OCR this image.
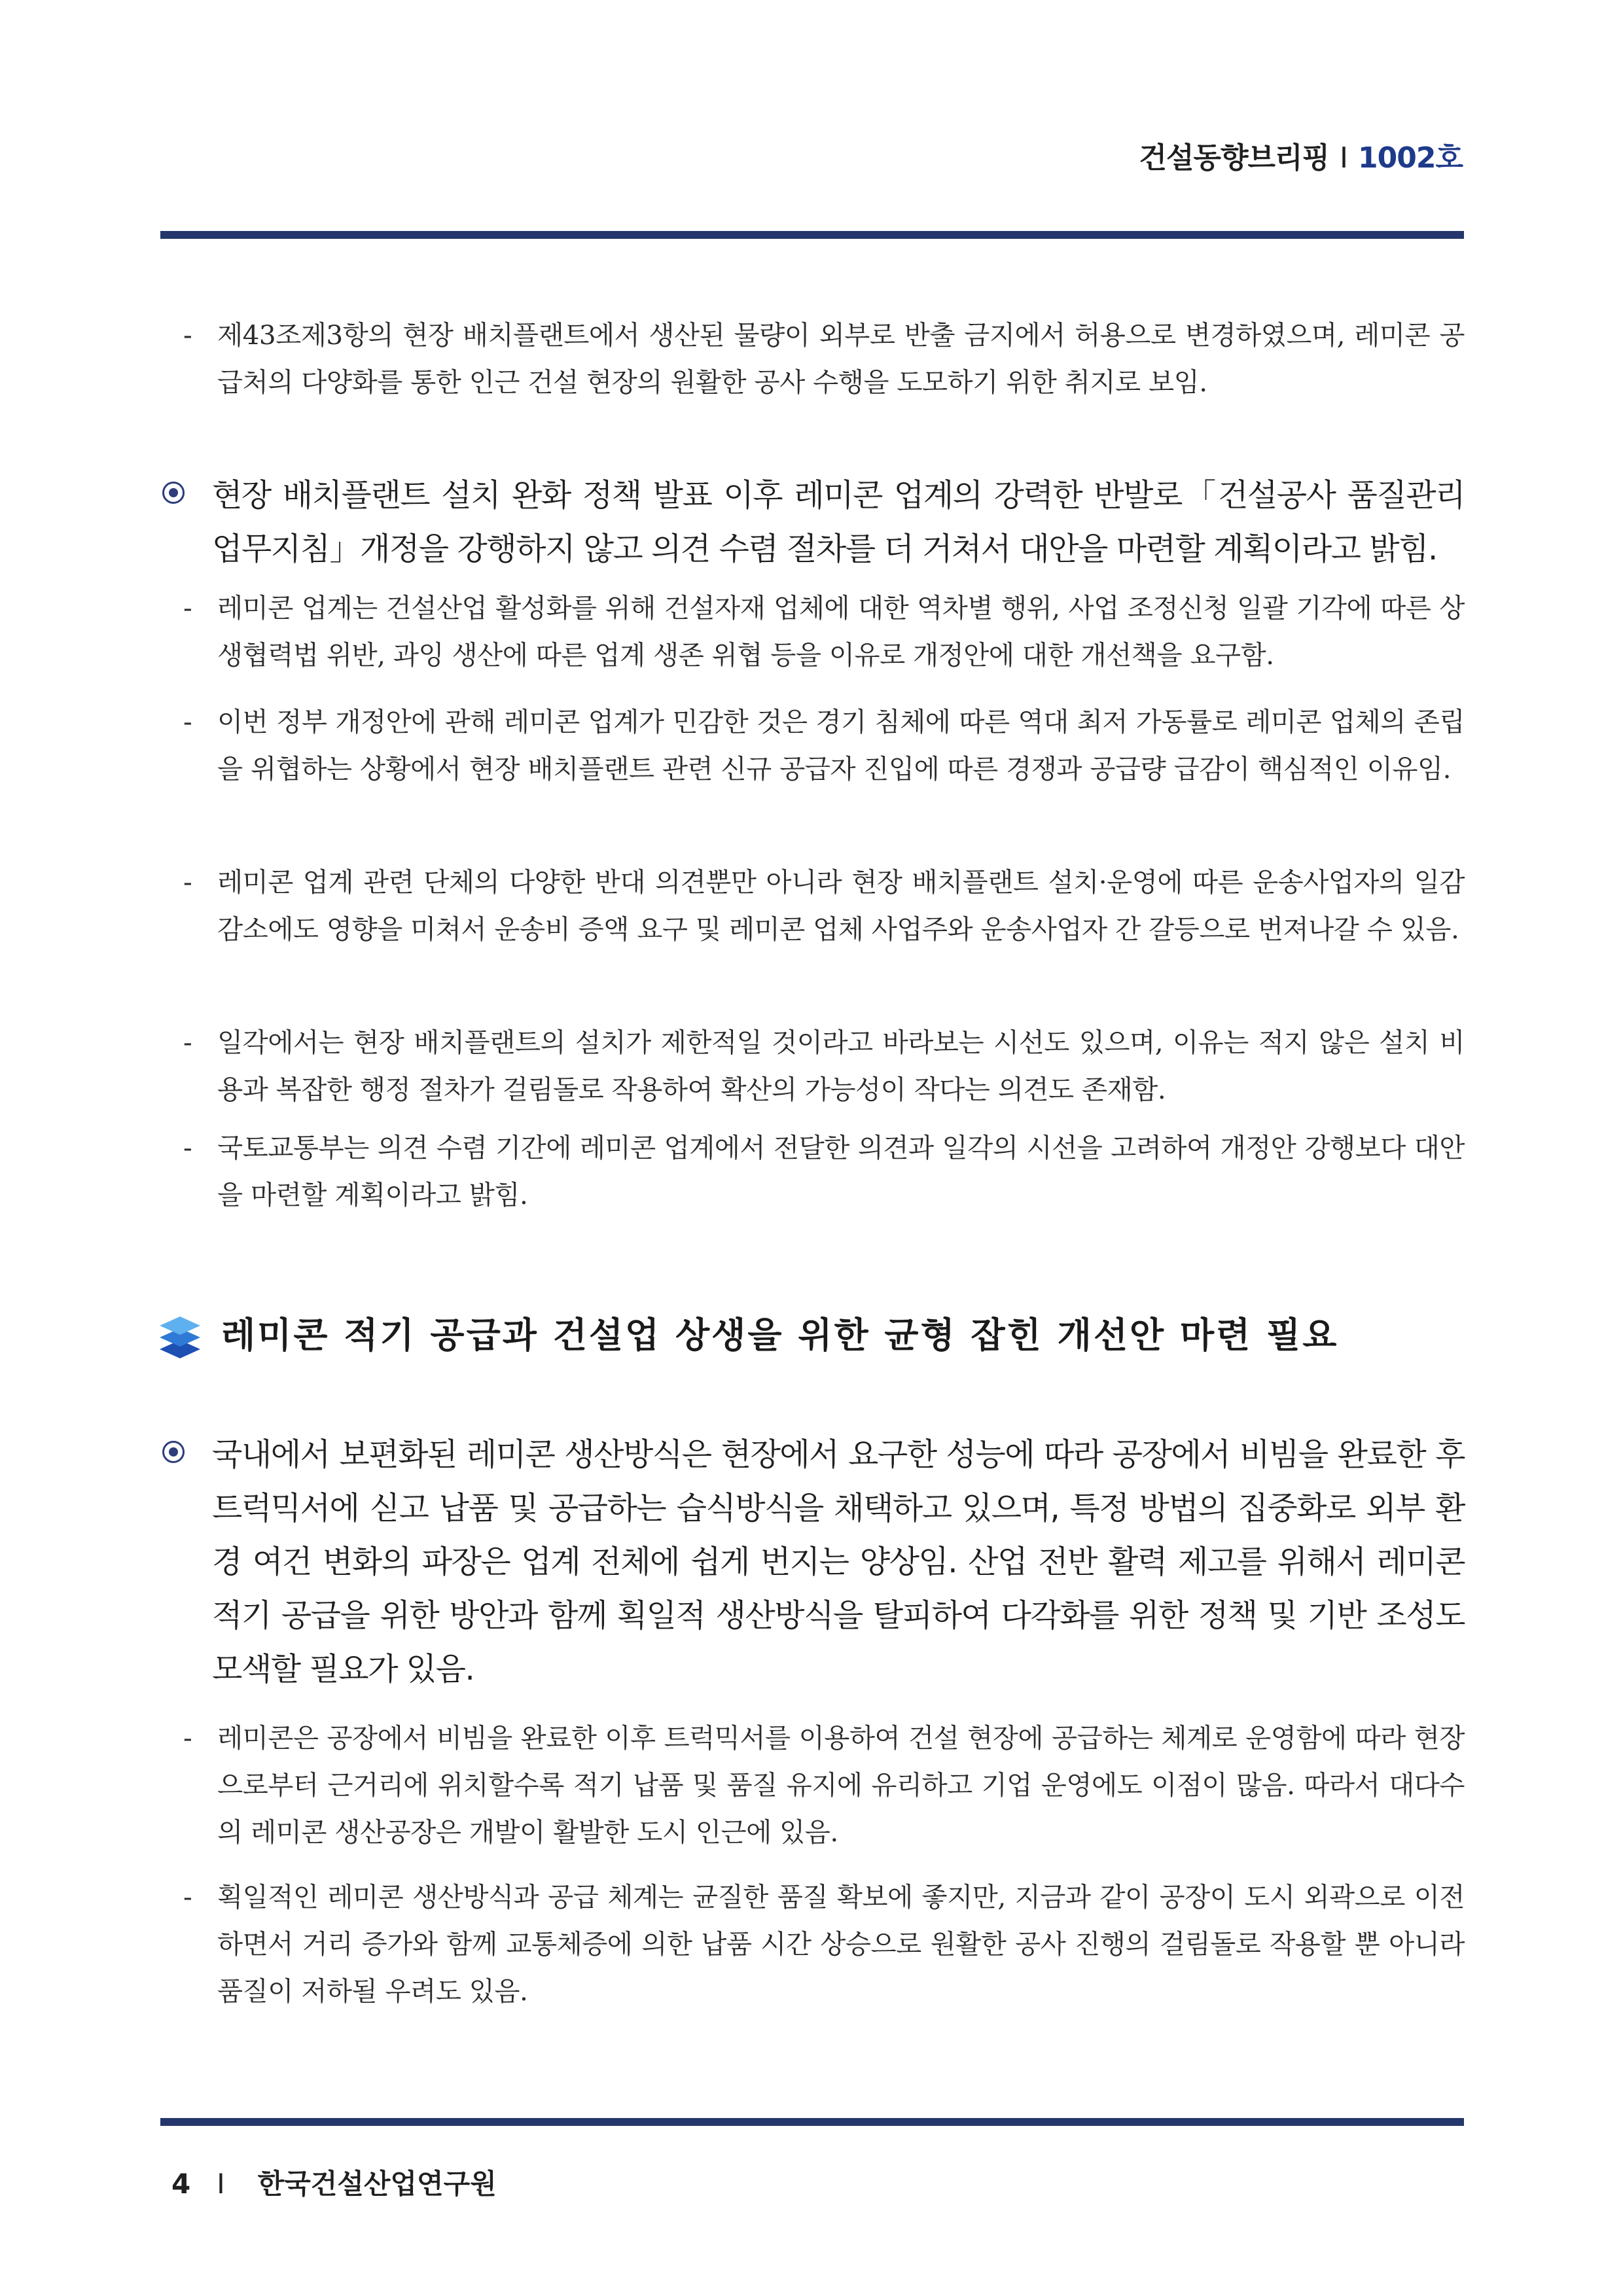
건설동향브리핑 I 1002호
- 제43조제3항의 현장 배치플랜트에서 생산된 물량이 외부로 반출 금지에서 허용으로 변경하였으며, 레미콘 공급처의 다양화를 통한 인근 건설 현장의 원활한 공사 수행을 도모하기 위한 취지로 보임.
현장 배치플랜트 설치 완화 정책 발표 이후 레미콘 업계의 강력한 반발로「건설공사 품질관리 업무지침」개정을 강행하지 않고 의견 수렴 절차를 더 거쳐서 대안을 마련할 계획이라고 밝힘.
- 레미콘 업계는 건설산업 활성화를 위해 건설자재 업체에 대한 역차별 행위, 사업 조정신청 일괄 기각에 따른 상생협력법 위반, 과잉 생산에 따른 업계 생존 위협 등을 이유로 개정안에 대한 개선책을 요구함.
- 이번 정부 개정안에 관해 레미콘 업계가 민감한 것은 경기 침체에 따른 역대 최저 가동률로 레미콘 업체의 존립을 위협하는 상황에서 현장 배치플랜트 관련 신규 공급자 진입에 따른 경쟁과 공급량 급감이 핵심적인 이유임.
- 레미콘 업계 관련 단체의 다양한 반대 의견뿐만 아니라 현장 배치플랜트 설치·운영에 따른 운송사업자의 일감 감소에도 영향을 미쳐서 운송비 증액 요구 및 레미콘 업체 사업주와 운송사업자 간 갈등으로 번져나갈 수 있음.
- 일각에서는 현장 배치플랜트의 설치가 제한적일 것이라고 바라보는 시선도 있으며, 이유는 적지 않은 설치 비용과 복잡한 행정 절차가 걸림돌로 작용하여 확산의 가능성이 작다는 의견도 존재함.
- 국토교통부는 의견 수렴 기간에 레미콘 업계에서 전달한 의견과 일각의 시선을 고려하여 개정안 강행보다 대안을 마련할 계획이라고 밝힘.
레미콘 적기 공급과 건설업 상생을 위한 균형 잡힌 개선안 마련 필요
국내에서 보편화된 레미콘 생산방식은 현장에서 요구한 성능에 따라 공장에서 비빔을 완료한 후 트럭믹서에 싣고 납품 및 공급하는 습식방식을 채택하고 있으며, 특정 방법의 집중화로 외부 환경 여건 변화의 파장은 업계 전체에 쉽게 번지는 양상임. 산업 전반 활력 제고를 위해서 레미콘 적기 공급을 위한 방안과 함께 획일적 생산방식을 탈피하여 다각화를 위한 정책 및 기반 조성도 모색할 필요가 있음.
- 레미콘은 공장에서 비빔을 완료한 이후 트럭믹서를 이용하여 건설 현장에 공급하는 체계로 운영함에 따라 현장으로부터 근거리에 위치할수록 적기 납품 및 품질 유지에 유리하고 기업 운영에도 이점이 많음. 따라서 대다수의 레미콘 생산공장은 개발이 활발한 도시 인근에 있음.
- 획일적인 레미콘 생산방식과 공급 체계는 균질한 품질 확보에 좋지만, 지금과 같이 공장이 도시 외곽으로 이전하면서 거리 증가와 함께 교통체증에 의한 납품 시간 상승으로 원활한 공사 진행의 걸림돌로 작용할 뿐 아니라 품질이 저하될 우려도 있음.
4 I 한국건설산업연구원
